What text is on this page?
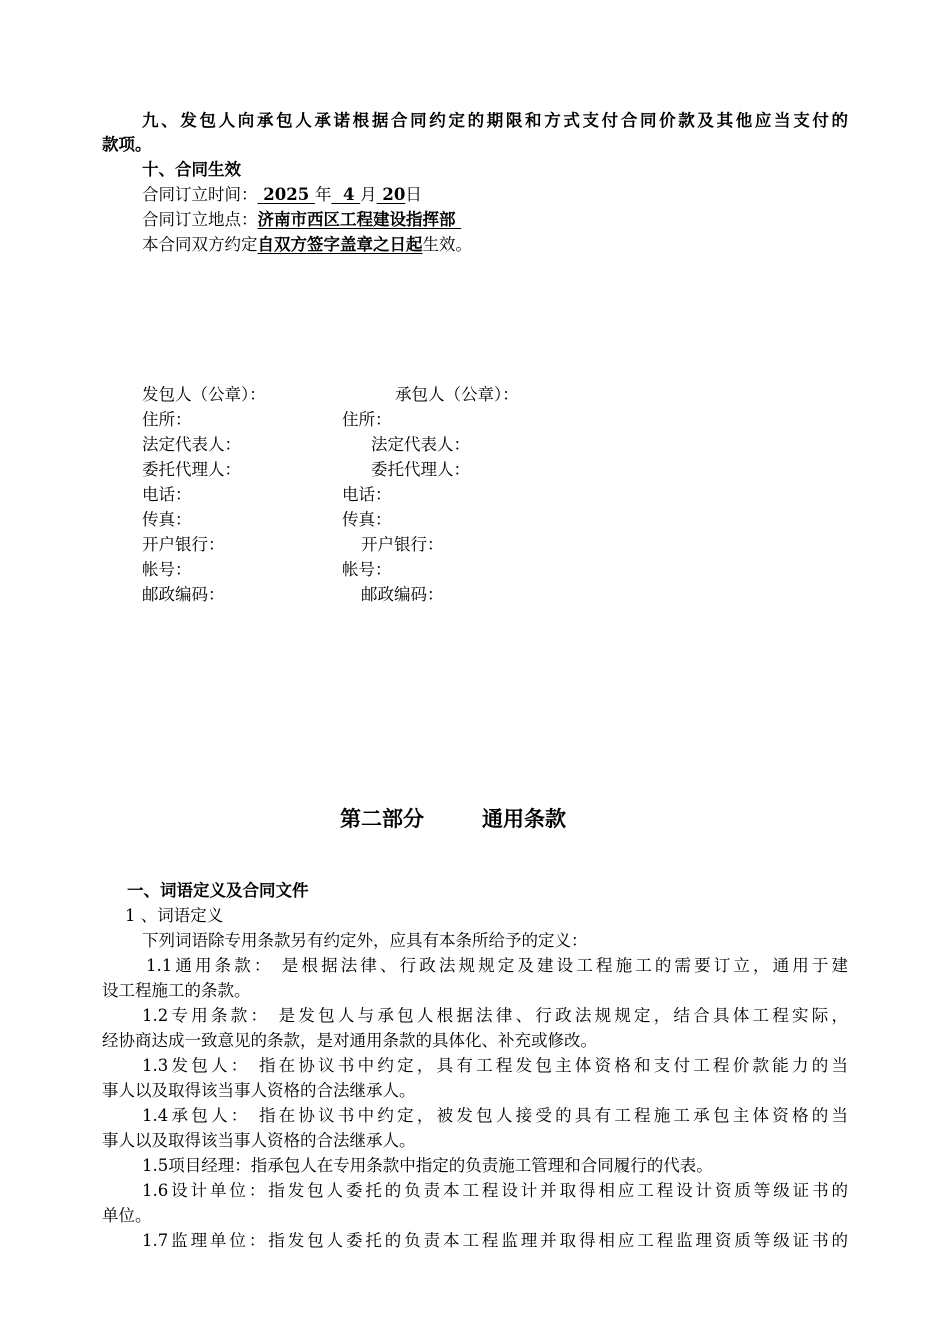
九、发包人向承包人承诺根据合同约定的期限和方式支付合同价款及其他应当支付的
款项。
十、合同生效
合同订立时间： 2025 年 4 月 20日
合同订立地点：济南市西区工程建设指挥部
本合同双方约定自双方签字盖章之日起生效。
发包人（公章）：
住所：
法定代表人：
委托代理人：
电话：
传真：
开户银行：
帐号：
邮政编码：
承包人（公章）：
住所：
法定代表人：
委托代理人：
电话：
传真：
开户银行：
帐号：
邮政编码：
第二部分	通用条款
一、词语定义及合同文件
1 、词语定义
下列词语除专用条款另有约定外，应具有本条所给予的定义：
1.1通用条款： 是根据法律、行政法规规定及建设工程施工的需要订立，通用于建
设工程施工的条款。
1.2专用条款： 是发包人与承包人根据法律、行政法规规定，结合具体工程实际，
经协商达成一致意见的条款，是对通用条款的具体化、补充或修改。
1.3发包人： 指在协议书中约定，具有工程发包主体资格和支付工程价款能力的当
事人以及取得该当事人资格的合法继承人。
1.4承包人： 指在协议书中约定，被发包人接受的具有工程施工承包主体资格的当
事人以及取得该当事人资格的合法继承人。
1.5项目经理：指承包人在专用条款中指定的负责施工管理和合同履行的代表。
1.6设计单位：指发包人委托的负责本工程设计并取得相应工程设计资质等级证书的
单位。
1.7监理单位：指发包人委托的负责本工程监理并取得相应工程监理资质等级证书的
